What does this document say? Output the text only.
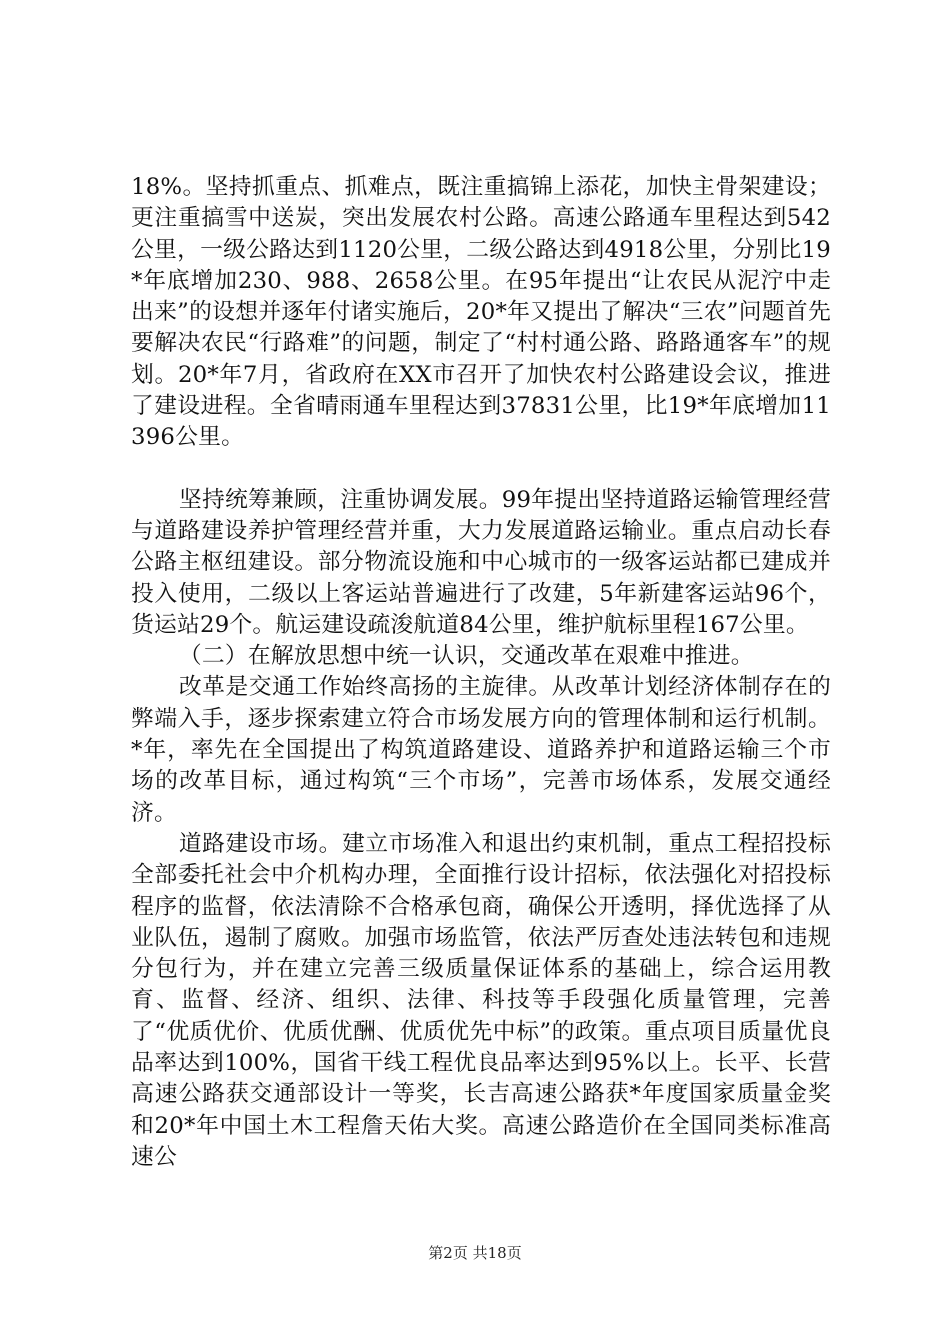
18%。坚持抓重点、抓难点，既注重搞锦上添花，加快主骨架建设；更注重搞雪中送炭，突出发展农村公路。高速公路通车里程达到542公里，一级公路达到1120公里，二级公路达到4918公里，分别比19*年底增加230、988、2658公里。在95年提出“让农民从泥泞中走出来”的设想并逐年付诸实施后，20*年又提出了解决“三农”问题首先要解决农民“行路难”的问题，制定了“村村通公路、路路通客车”的规划。20*年7月，省政府在XX市召开了加快农村公路建设会议，推进了建设进程。全省晴雨通车里程达到37831公里，比19*年底增加11396公里。

坚持统筹兼顾，注重协调发展。99年提出坚持道路运输管理经营与道路建设养护管理经营并重，大力发展道路运输业。重点启动长春公路主枢纽建设。部分物流设施和中心城市的一级客运站都已建成并投入使用，二级以上客运站普遍进行了改建，5年新建客运站96个，货运站29个。航运建设疏浚航道84公里，维护航标里程167公里。

（二）在解放思想中统一认识，交通改革在艰难中推进。

改革是交通工作始终高扬的主旋律。从改革计划经济体制存在的弊端入手，逐步探索建立符合市场发展方向的管理体制和运行机制。*年，率先在全国提出了构筑道路建设、道路养护和道路运输三个市场的改革目标，通过构筑“三个市场”，完善市场体系，发展交通经济。

道路建设市场。建立市场准入和退出约束机制，重点工程招投标全部委托社会中介机构办理，全面推行设计招标，依法强化对招投标程序的监督，依法清除不合格承包商，确保公开透明，择优选择了从业队伍，遏制了腐败。加强市场监管，依法严厉查处违法转包和违规分包行为，并在建立完善三级质量保证体系的基础上，综合运用教育、监督、经济、组织、法律、科技等手段强化质量管理，完善了“优质优价、优质优酬、优质优先中标”的政策。重点项目质量优良品率达到100%，国省干线工程优良品率达到95%以上。长平、长营高速公路获交通部设计一等奖，长吉高速公路获*年度国家质量金奖和20*年中国土木工程詹天佑大奖。高速公路造价在全国同类标准高速公

第2页 共18页
